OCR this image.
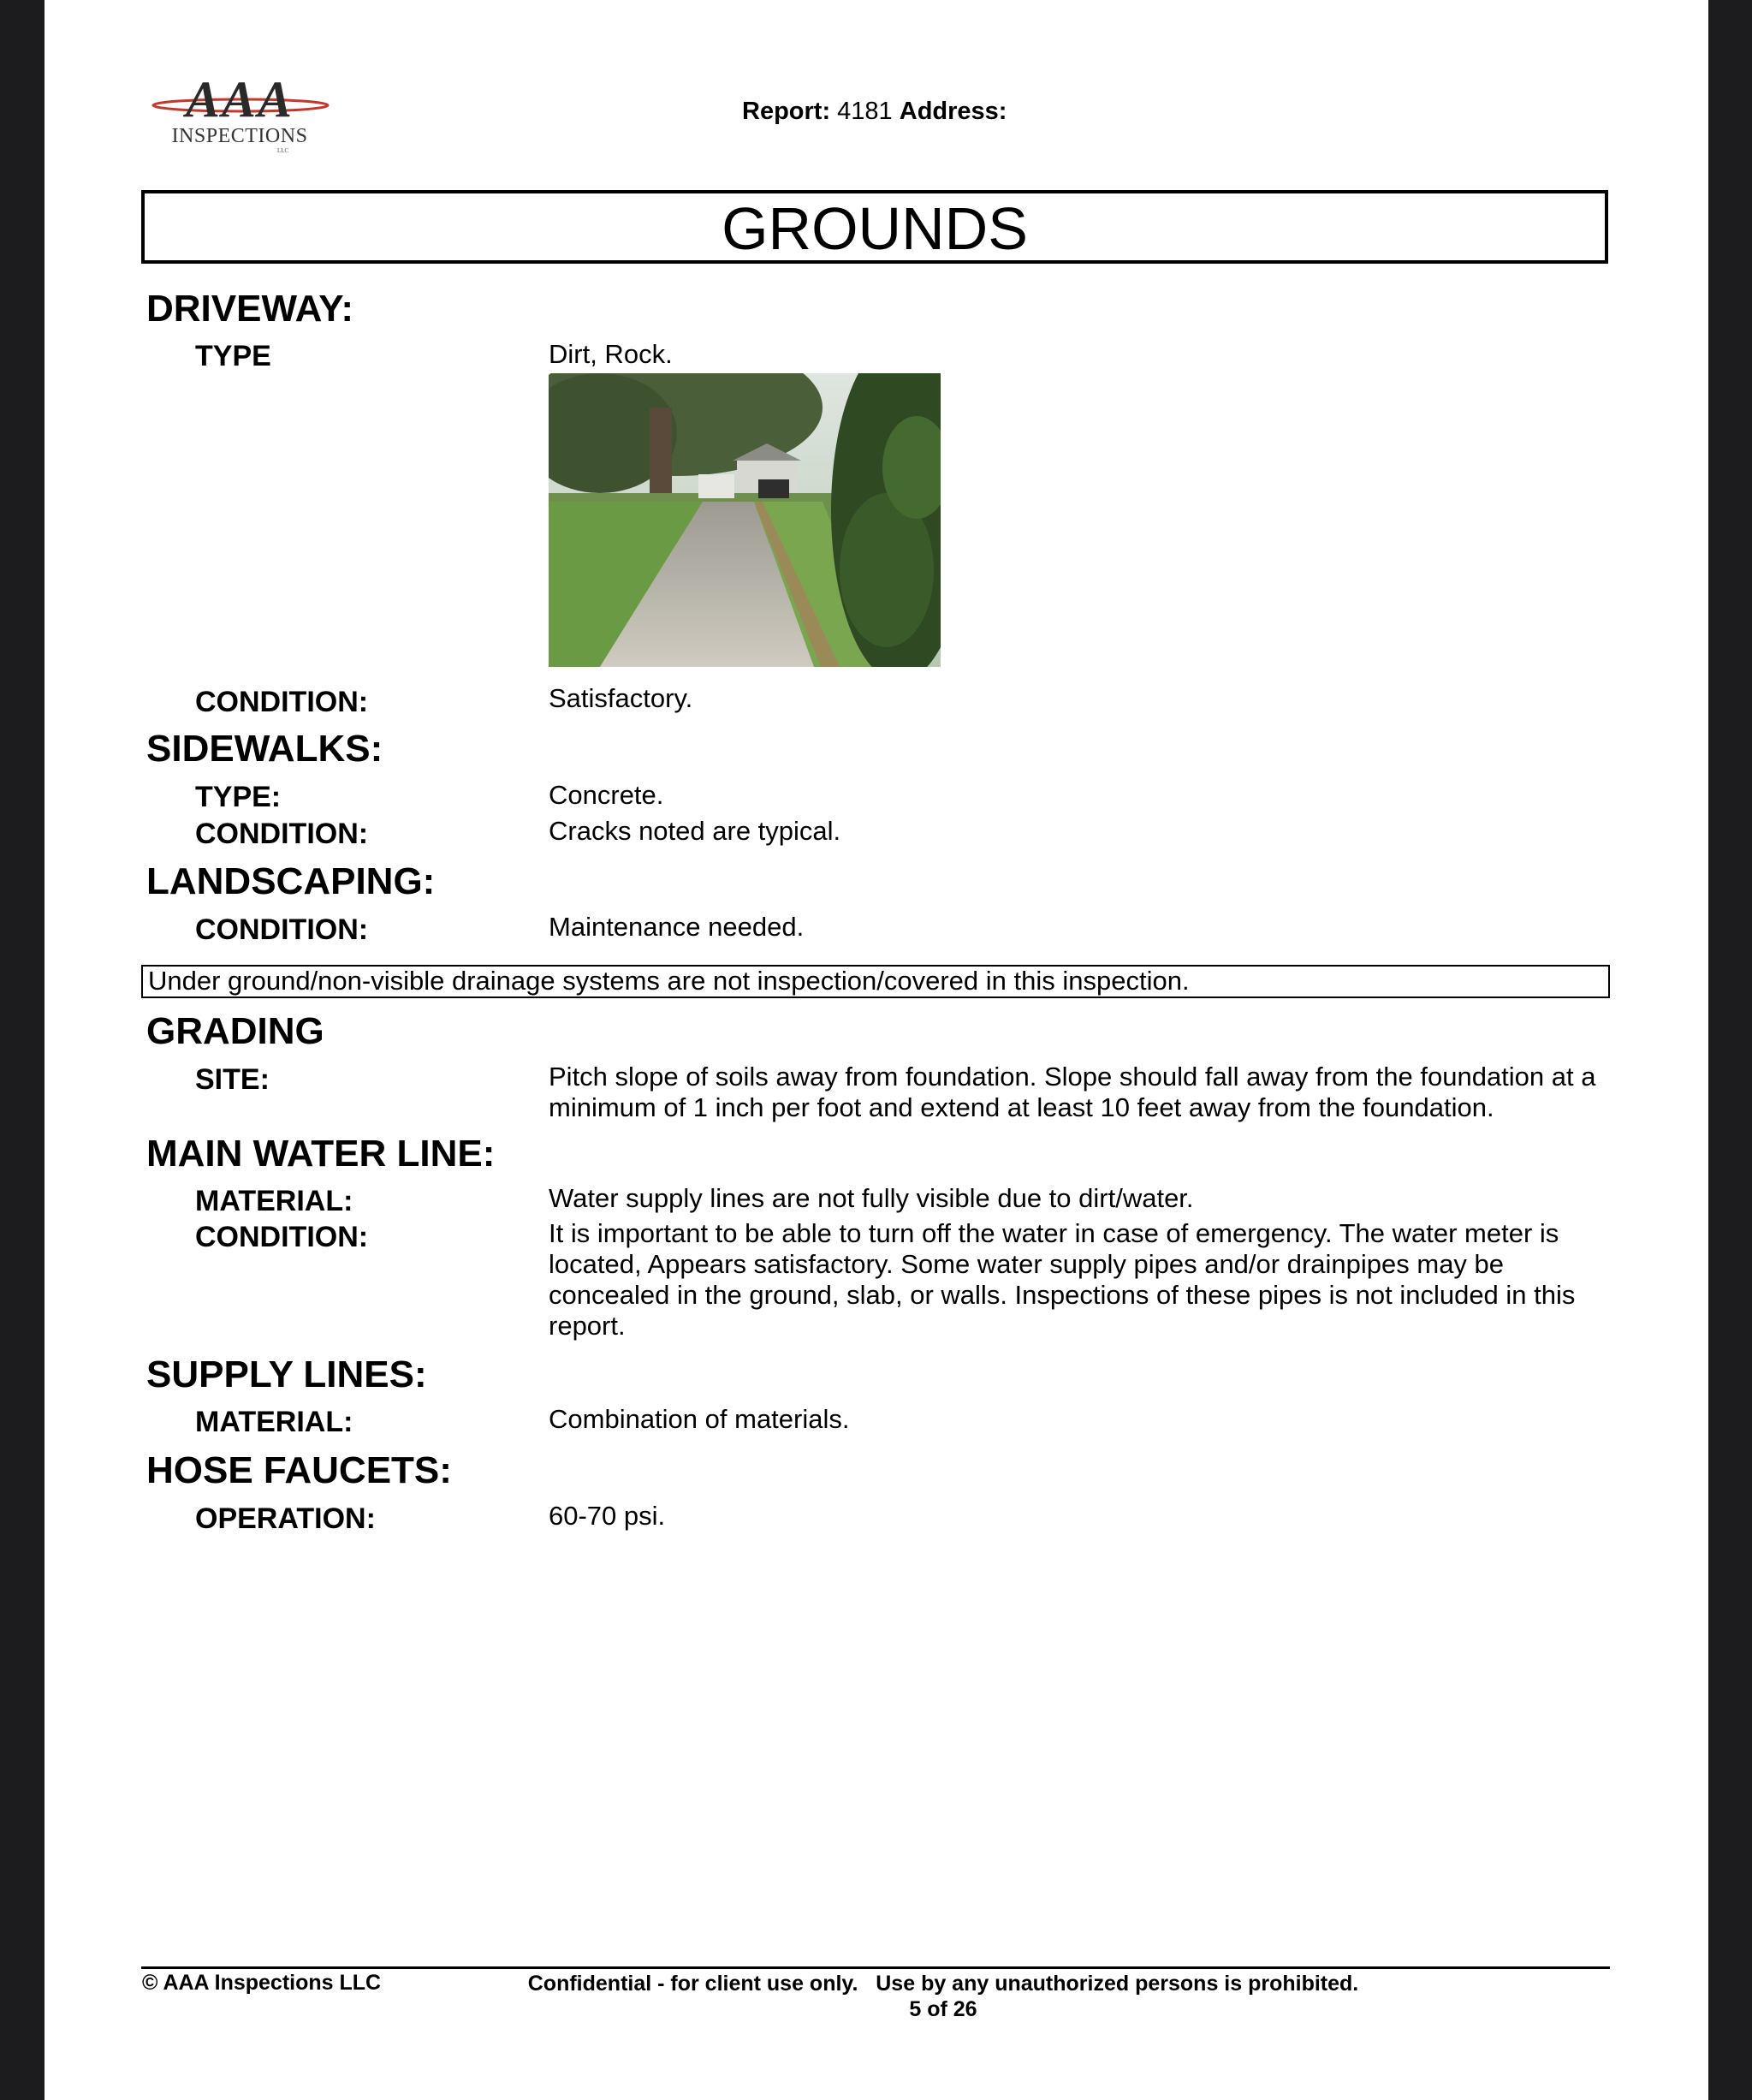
AAA
INSPECTIONS
LLC
Report: 4181 Address:
GROUNDS
DRIVEWAY:
TYPE	Dirt, Rock.
CONDITION:	Satisfactory.
SIDEWALKS:
TYPE:	Concrete.
CONDITION:	Cracks noted are typical.
LANDSCAPING:
CONDITION:	Maintenance needed.
Under ground/non-visible drainage systems are not inspection/covered in this inspection.
GRADING
SITE:	Pitch slope of soils away from foundation. Slope should fall away from the foundation at a minimum of 1 inch per foot and extend at least 10 feet away from the foundation.
MAIN WATER LINE:
MATERIAL:	Water supply lines are not fully visible due to dirt/water.
CONDITION:	It is important to be able to turn off the water in case of emergency. The water meter is located, Appears satisfactory. Some water supply pipes and/or drainpipes may be concealed in the ground, slab, or walls. Inspections of these pipes is not included in this report.
SUPPLY LINES:
MATERIAL:	Combination of materials.
HOSE FAUCETS:
OPERATION:	60-70 psi.
© AAA Inspections LLC	Confidential - for client use only.   Use by any unauthorized persons is prohibited.
5 of 26
